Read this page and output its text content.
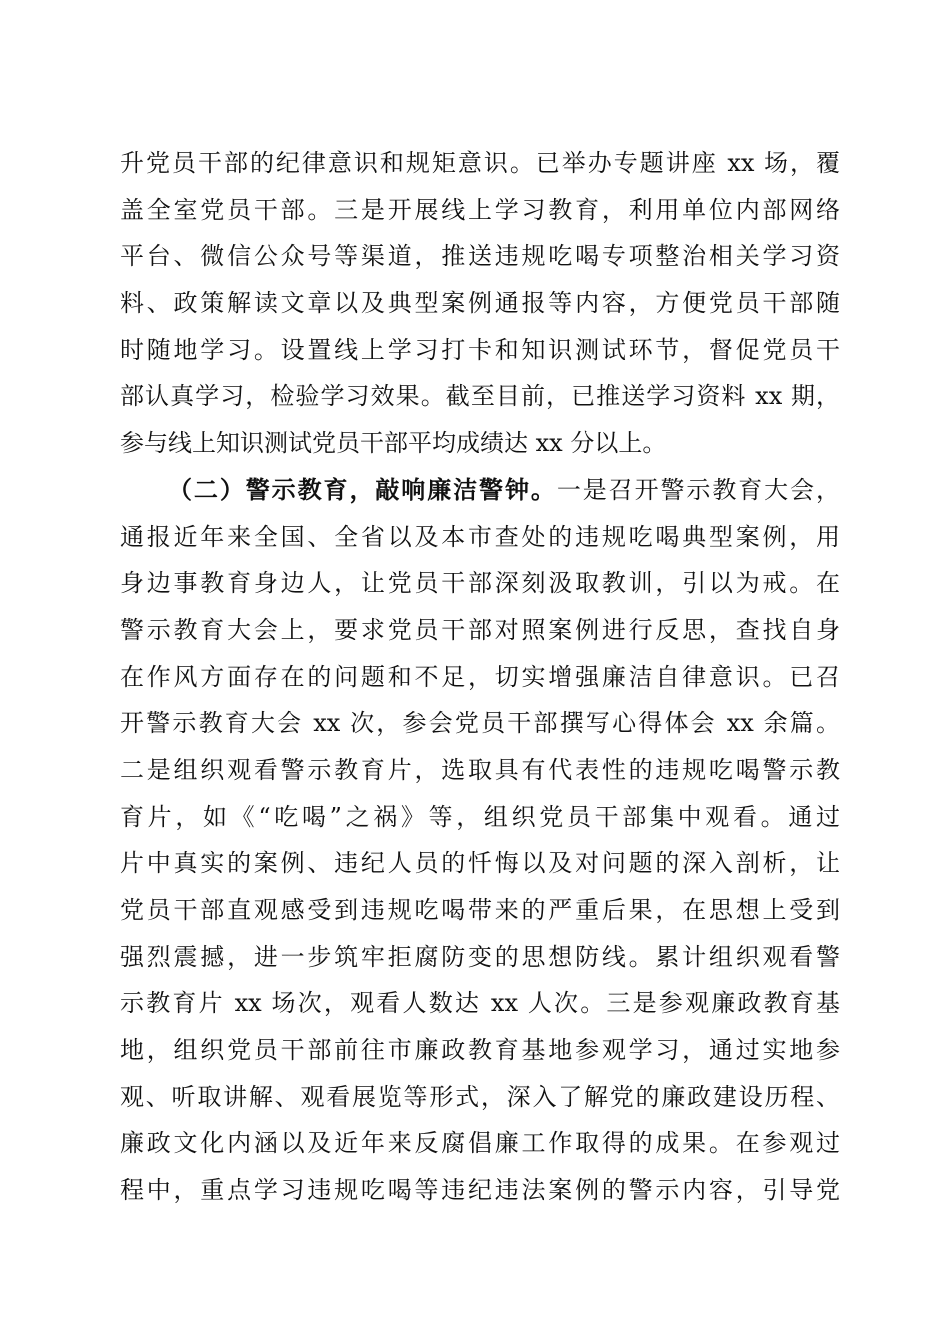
升党员干部的纪律意识和规矩意识。已举办专题讲座 xx 场，覆
盖全室党员干部。三是开展线上学习教育，利用单位内部网络
平台、微信公众号等渠道，推送违规吃喝专项整治相关学习资
料、政策解读文章以及典型案例通报等内容，方便党员干部随
时随地学习。设置线上学习打卡和知识测试环节，督促党员干
部认真学习，检验学习效果。截至目前，已推送学习资料 xx 期，
参与线上知识测试党员干部平均成绩达 xx 分以上。
（二）警示教育，敲响廉洁警钟。一是召开警示教育大会，
通报近年来全国、全省以及本市查处的违规吃喝典型案例，用
身边事教育身边人，让党员干部深刻汲取教训，引以为戒。在
警示教育大会上，要求党员干部对照案例进行反思，查找自身
在作风方面存在的问题和不足，切实增强廉洁自律意识。已召
开警示教育大会 xx 次，参会党员干部撰写心得体会 xx 余篇。
二是组织观看警示教育片，选取具有代表性的违规吃喝警示教
育片，如《“吃喝”之祸》等，组织党员干部集中观看。通过
片中真实的案例、违纪人员的忏悔以及对问题的深入剖析，让
党员干部直观感受到违规吃喝带来的严重后果，在思想上受到
强烈震撼，进一步筑牢拒腐防变的思想防线。累计组织观看警
示教育片 xx 场次，观看人数达 xx 人次。三是参观廉政教育基
地，组织党员干部前往市廉政教育基地参观学习，通过实地参
观、听取讲解、观看展览等形式，深入了解党的廉政建设历程、
廉政文化内涵以及近年来反腐倡廉工作取得的成果。在参观过
程中，重点学习违规吃喝等违纪违法案例的警示内容，引导党
